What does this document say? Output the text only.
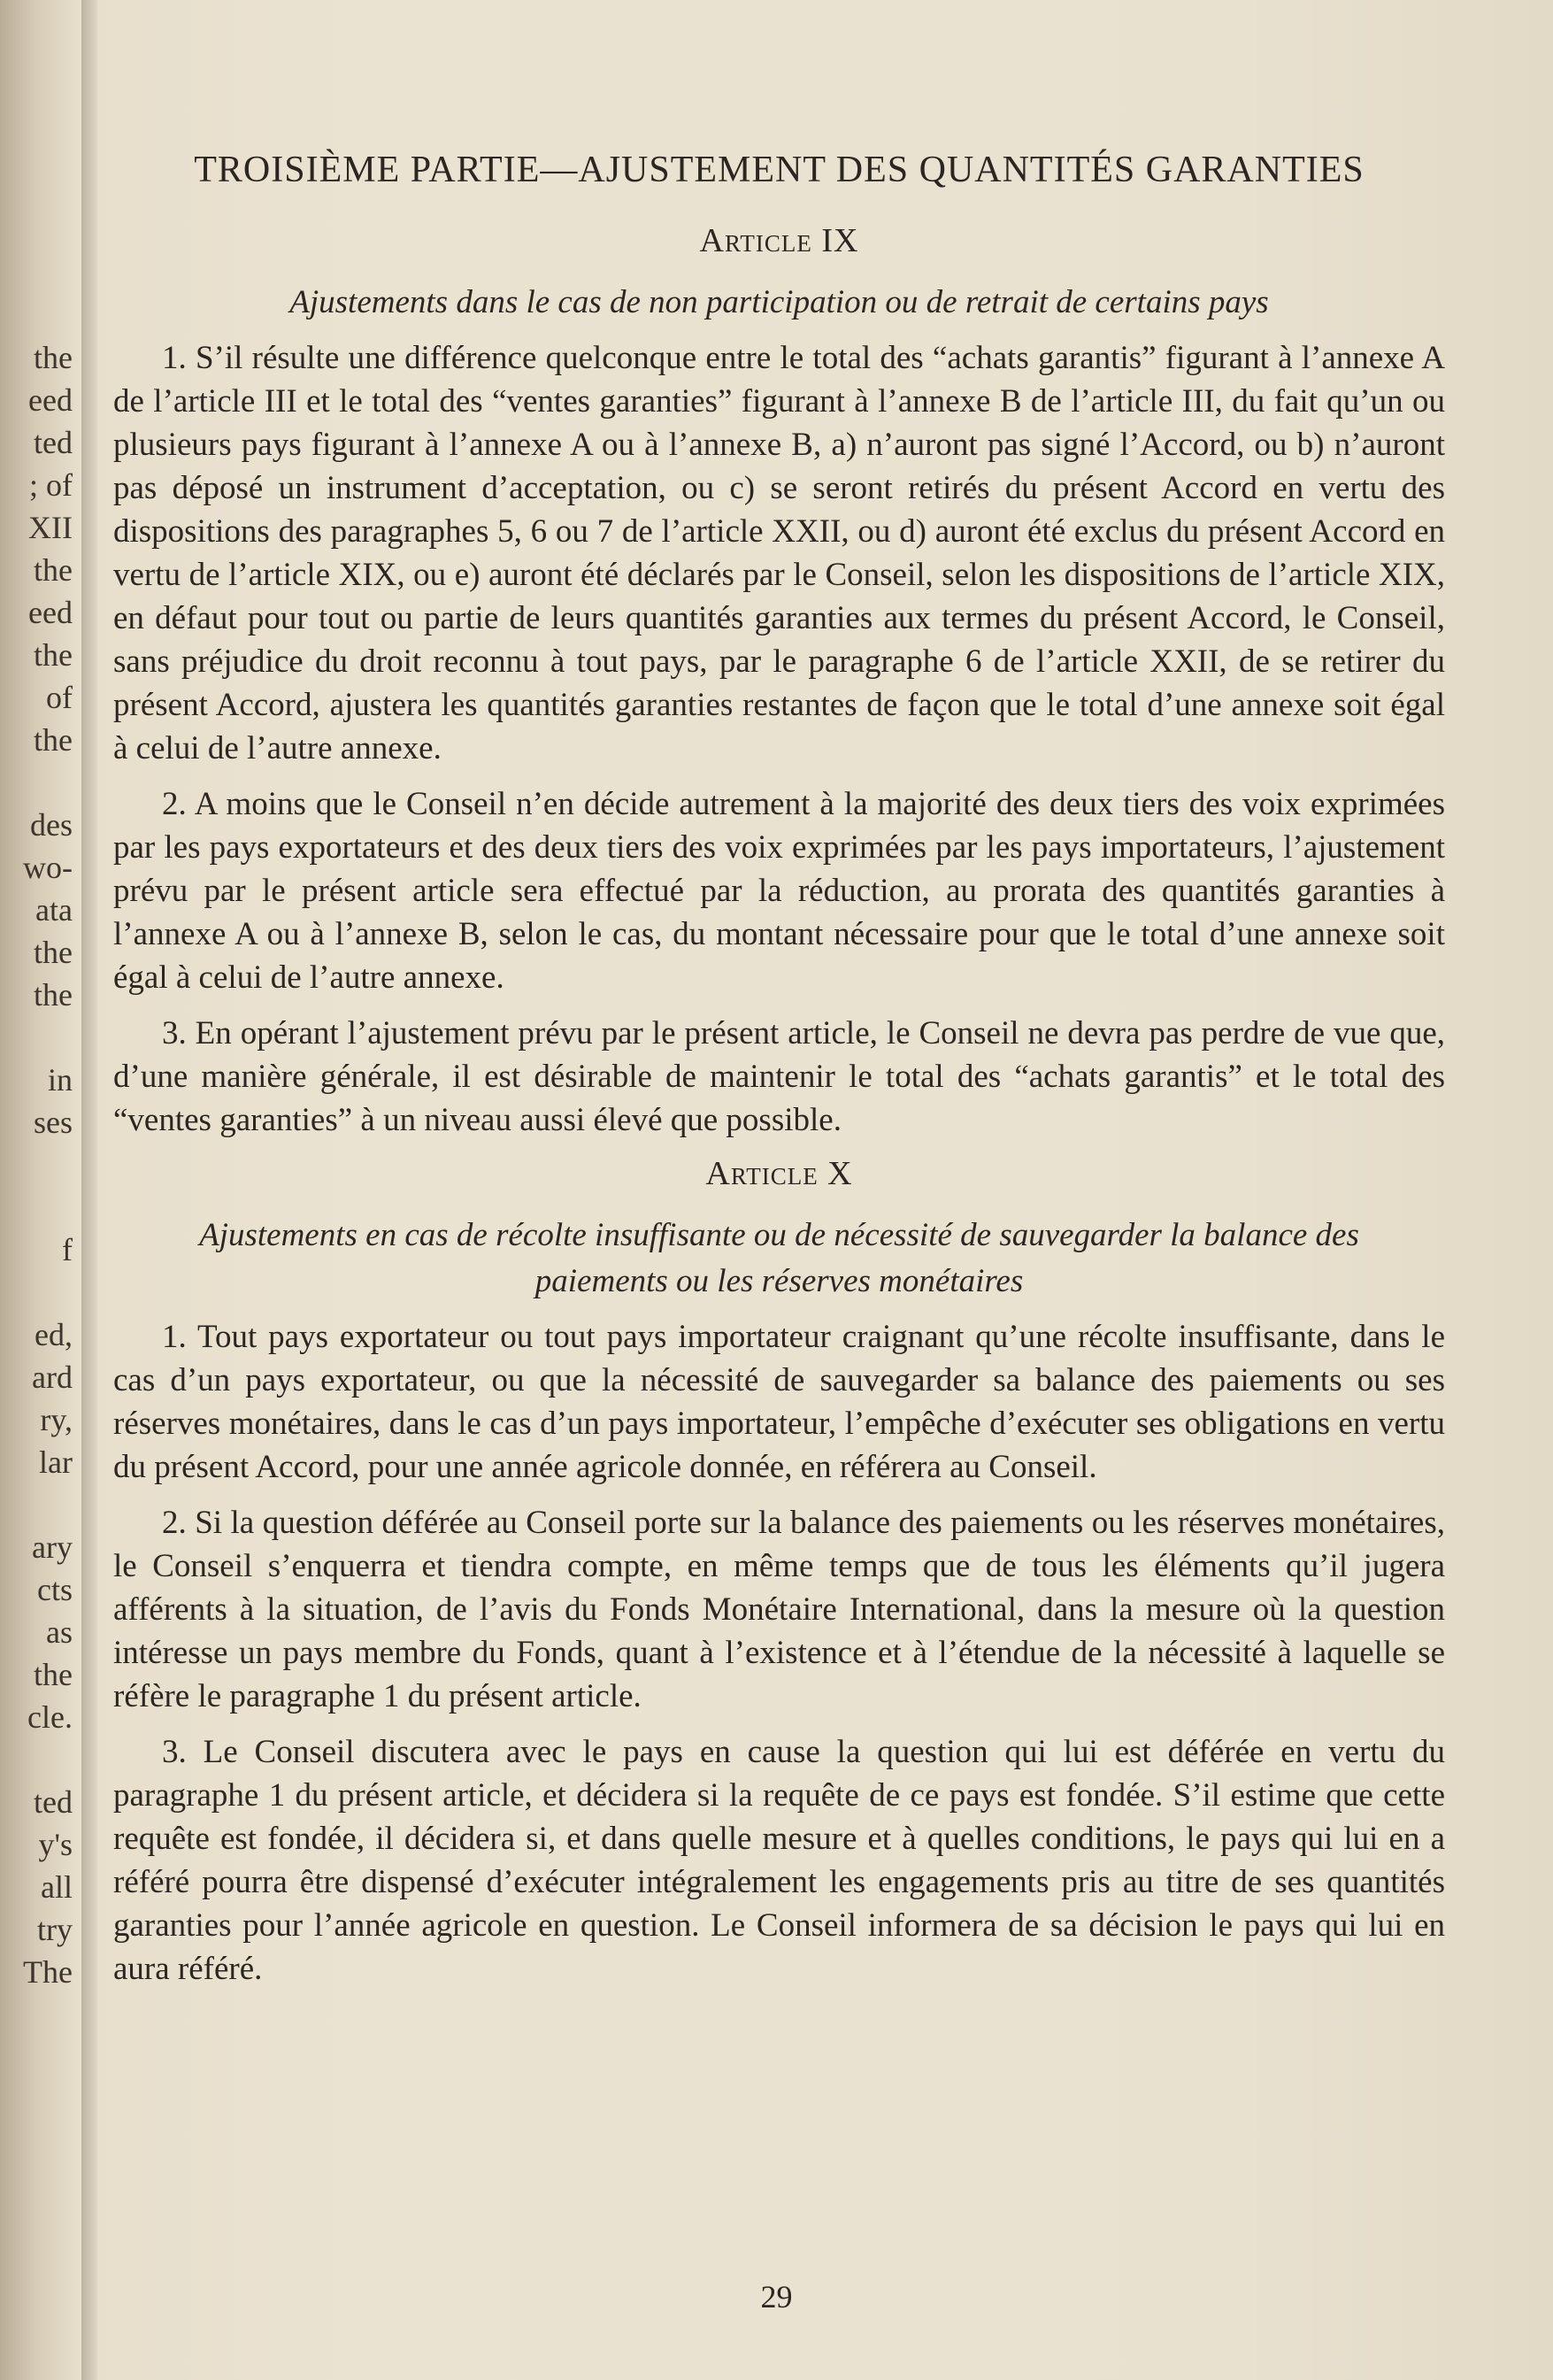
the
eed
ted
; of
XII
the
eed
the
of
the
des
wo-
ata
the
the
in
ses
f
ed,
ard
ry,
lar
ary
cts
as
the
cle.
ted
y's
all
try
The
TROISIÈME PARTIE—AJUSTEMENT DES QUANTITÉS GARANTIES
Article IX
Ajustements dans le cas de non participation ou de retrait de certains pays

1. S’il résulte une différence quelconque entre le total des “achats garantis” figurant à l’annexe A de l’article III et le total des “ventes garanties” figurant à l’annexe B de l’article III, du fait qu’un ou plusieurs pays figurant à l’annexe A ou à l’annexe B, a) n’auront pas signé l’Accord, ou b) n’auront pas déposé un instrument d’acceptation, ou c) se seront retirés du présent Accord en vertu des dispositions des paragraphes 5, 6 ou 7 de l’article XXII, ou d) auront été exclus du présent Accord en vertu de l’article XIX, ou e) auront été déclarés par le Conseil, selon les dispositions de l’article XIX, en défaut pour tout ou partie de leurs quantités garanties aux termes du présent Accord, le Conseil, sans préjudice du droit reconnu à tout pays, par le paragraphe 6 de l’article XXII, de se retirer du présent Accord, ajustera les quantités garanties restantes de façon que le total d’une annexe soit égal à celui de l’autre annexe.

2. A moins que le Conseil n’en décide autrement à la majorité des deux tiers des voix exprimées par les pays exportateurs et des deux tiers des voix exprimées par les pays importateurs, l’ajustement prévu par le présent article sera effectué par la réduction, au prorata des quantités garanties à l’annexe A ou à l’annexe B, selon le cas, du montant nécessaire pour que le total d’une annexe soit égal à celui de l’autre annexe.

3. En opérant l’ajustement prévu par le présent article, le Conseil ne devra pas perdre de vue que, d’une manière générale, il est désirable de maintenir le total des “achats garantis” et le total des “ventes garanties” à un niveau aussi élevé que possible.

Article X
Ajustements en cas de récolte insuffisante ou de nécessité de sauvegarder la balance des paiements ou les réserves monétaires

1. Tout pays exportateur ou tout pays importateur craignant qu’une récolte insuffisante, dans le cas d’un pays exportateur, ou que la nécessité de sauvegarder sa balance des paiements ou ses réserves monétaires, dans le cas d’un pays importateur, l’empêche d’exécuter ses obligations en vertu du présent Accord, pour une année agricole donnée, en référera au Conseil.

2. Si la question déférée au Conseil porte sur la balance des paiements ou les réserves monétaires, le Conseil s’enquerra et tiendra compte, en même temps que de tous les éléments qu’il jugera afférents à la situation, de l’avis du Fonds Monétaire International, dans la mesure où la question intéresse un pays membre du Fonds, quant à l’existence et à l’étendue de la nécessité à laquelle se réfère le paragraphe 1 du présent article.

3. Le Conseil discutera avec le pays en cause la question qui lui est déférée en vertu du paragraphe 1 du présent article, et décidera si la requête de ce pays est fondée. S’il estime que cette requête est fondée, il décidera si, et dans quelle mesure et à quelles conditions, le pays qui lui en a référé pourra être dispensé d’exécuter intégralement les engagements pris au titre de ses quantités garanties pour l’année agricole en question. Le Conseil informera de sa décision le pays qui lui en aura référé.

29
